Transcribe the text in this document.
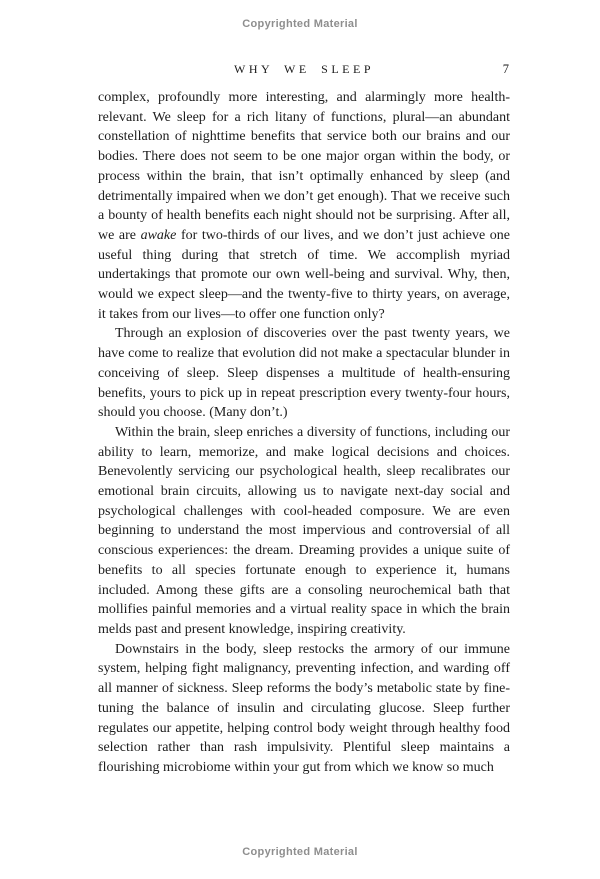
Copyrighted Material
WHY WE SLEEP	7

complex, profoundly more interesting, and alarmingly more health-relevant. We sleep for a rich litany of functions, plural—an abundant constellation of nighttime benefits that service both our brains and our bodies. There does not seem to be one major organ within the body, or process within the brain, that isn’t optimally enhanced by sleep (and detrimentally impaired when we don’t get enough). That we receive such a bounty of health benefits each night should not be surprising. After all, we are awake for two-thirds of our lives, and we don’t just achieve one useful thing during that stretch of time. We accomplish myriad undertakings that promote our own well-being and survival. Why, then, would we expect sleep—and the twenty-five to thirty years, on average, it takes from our lives—to offer one function only?

Through an explosion of discoveries over the past twenty years, we have come to realize that evolution did not make a spectacular blunder in conceiving of sleep. Sleep dispenses a multitude of health-ensuring benefits, yours to pick up in repeat prescription every twenty-four hours, should you choose. (Many don’t.)

Within the brain, sleep enriches a diversity of functions, including our ability to learn, memorize, and make logical decisions and choices. Benevolently servicing our psychological health, sleep recalibrates our emotional brain circuits, allowing us to navigate next-day social and psychological challenges with cool-headed composure. We are even beginning to understand the most impervious and controversial of all conscious experiences: the dream. Dreaming provides a unique suite of benefits to all species fortunate enough to experience it, humans included. Among these gifts are a consoling neurochemical bath that mollifies painful memories and a virtual reality space in which the brain melds past and present knowledge, inspiring creativity.

Downstairs in the body, sleep restocks the armory of our immune system, helping fight malignancy, preventing infection, and warding off all manner of sickness. Sleep reforms the body’s metabolic state by fine-tuning the balance of insulin and circulating glucose. Sleep further regulates our appetite, helping control body weight through healthy food selection rather than rash impulsivity. Plentiful sleep maintains a flourishing microbiome within your gut from which we know so much

Copyrighted Material
